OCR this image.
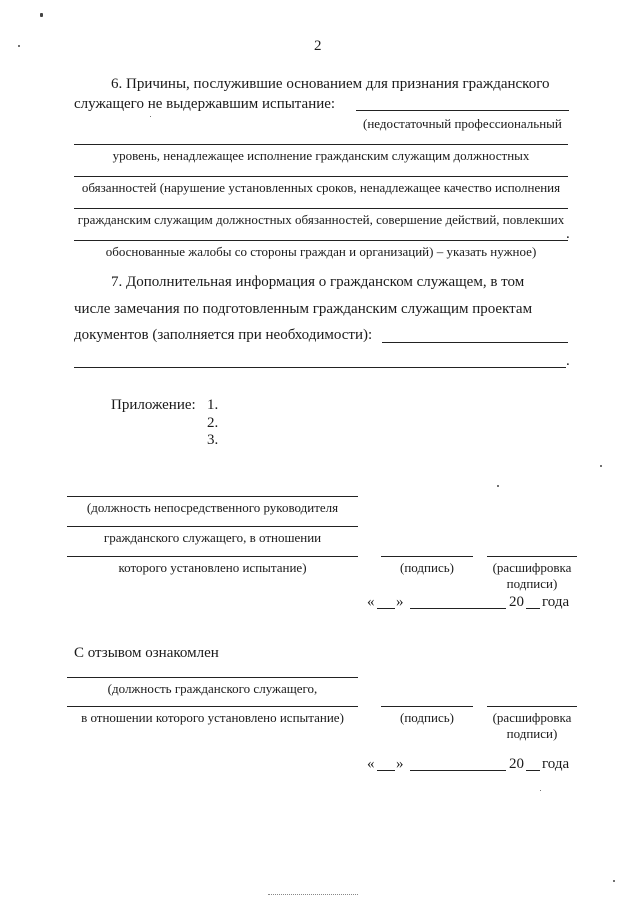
2
6. Причины, послужившие основанием для признания гражданского
служащего не выдержавшим испытание:
(недостаточный профессиональный
уровень, ненадлежащее исполнение гражданским служащим должностных
обязанностей (нарушение установленных сроков, ненадлежащее качество исполнения
гражданским служащим должностных обязанностей, совершение действий, повлекших
.
обоснованные жалобы со стороны граждан и организаций) – указать нужное)
7. Дополнительная информация о гражданском служащем, в том
числе замечания по подготовленным гражданским служащим проектам
документов (заполняется при необходимости):
.
Приложение: 1.
2.
3.
(должность непосредственного руководителя
гражданского служащего, в отношении
которого установлено испытание)	(подпись)	(расшифровка
подписи)
« »	20 года
С отзывом ознакомлен
(должность гражданского служащего,
в отношении которого установлено испытание)	(подпись)	(расшифровка
подписи)
« »	20 года
